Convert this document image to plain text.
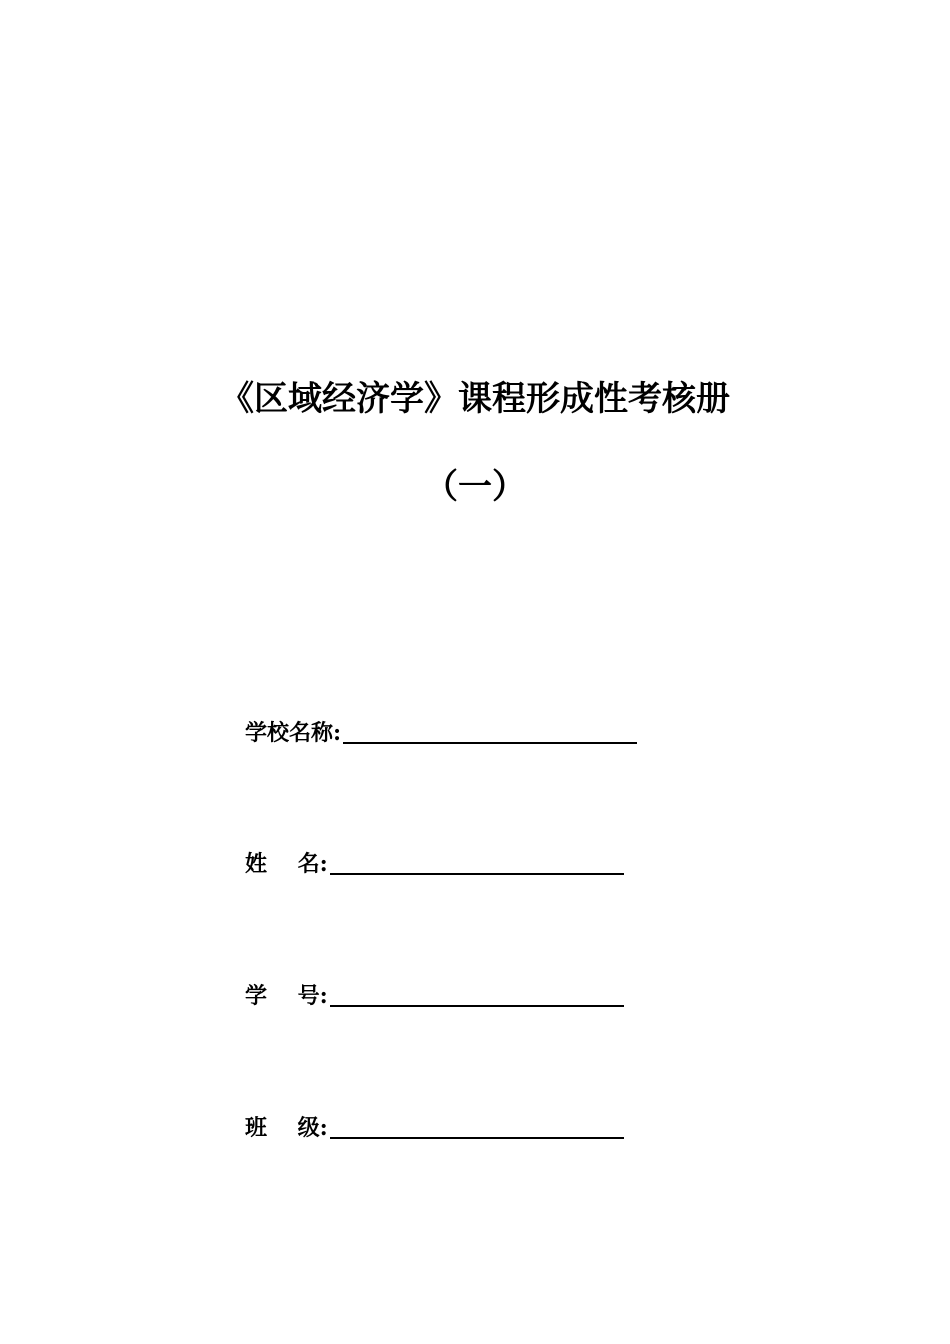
《区域经济学》课程形成性考核册
（一）
学校名称:
姓    名:
学    号:
班    级:
